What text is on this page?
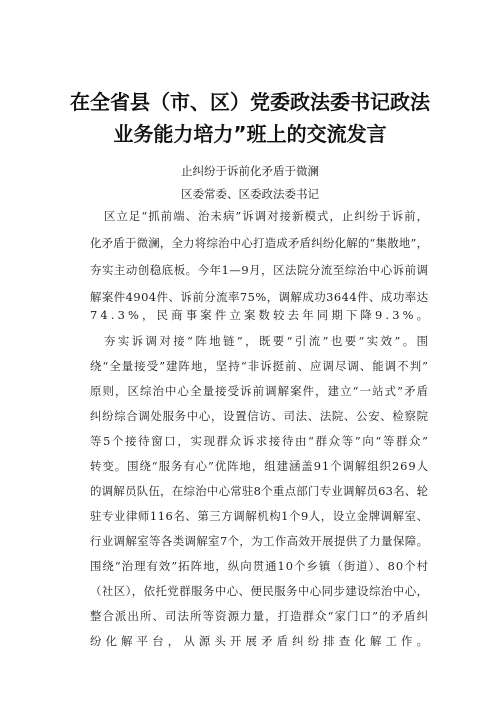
在全省县（市、区）党委政法委书记政法
业务能力培力”班上的交流发言
止纠纷于诉前化矛盾于微澜
区委常委、区委政法委书记
区立足“抓前端、治未病”诉调对接新模式，止纠纷于诉前，
化矛盾于微澜，全力将综治中心打造成矛盾纠纷化解的“集散地”，
夯实主动创稳底板。今年1—9月，区法院分流至综治中心诉前调
解案件4904件、诉前分流率75%，调解成功3644件、成功率达
74.3%，民商事案件立案数较去年同期下降9.3%。
夯实诉调对接“阵地链”，既要“引流”也要“实效”。围
绕“全量接受”建阵地，坚持“非诉挺前、应调尽调、能调不判”
原则，区综治中心全量接受诉前调解案件，建立“一站式”矛盾
纠纷综合调处服务中心，设置信访、司法、法院、公安、检察院
等5个接待窗口，实现群众诉求接待由“群众等”向“等群众”
转变。围绕“服务有心”优阵地，组建涵盖91个调解组织269人
的调解员队伍，在综治中心常驻8个重点部门专业调解员63名、轮
驻专业律师116名、第三方调解机构1个9人，设立金牌调解室、
行业调解室等各类调解室7个，为工作高效开展提供了力量保障。
围绕“治理有效”拓阵地，纵向贯通10个乡镇（街道）、80个村
（社区），依托党群服务中心、便民服务中心同步建设综治中心，
整合派出所、司法所等资源力量，打造群众“家门口”的矛盾纠
纷化解平台，从源头开展矛盾纠纷排查化解工作。
